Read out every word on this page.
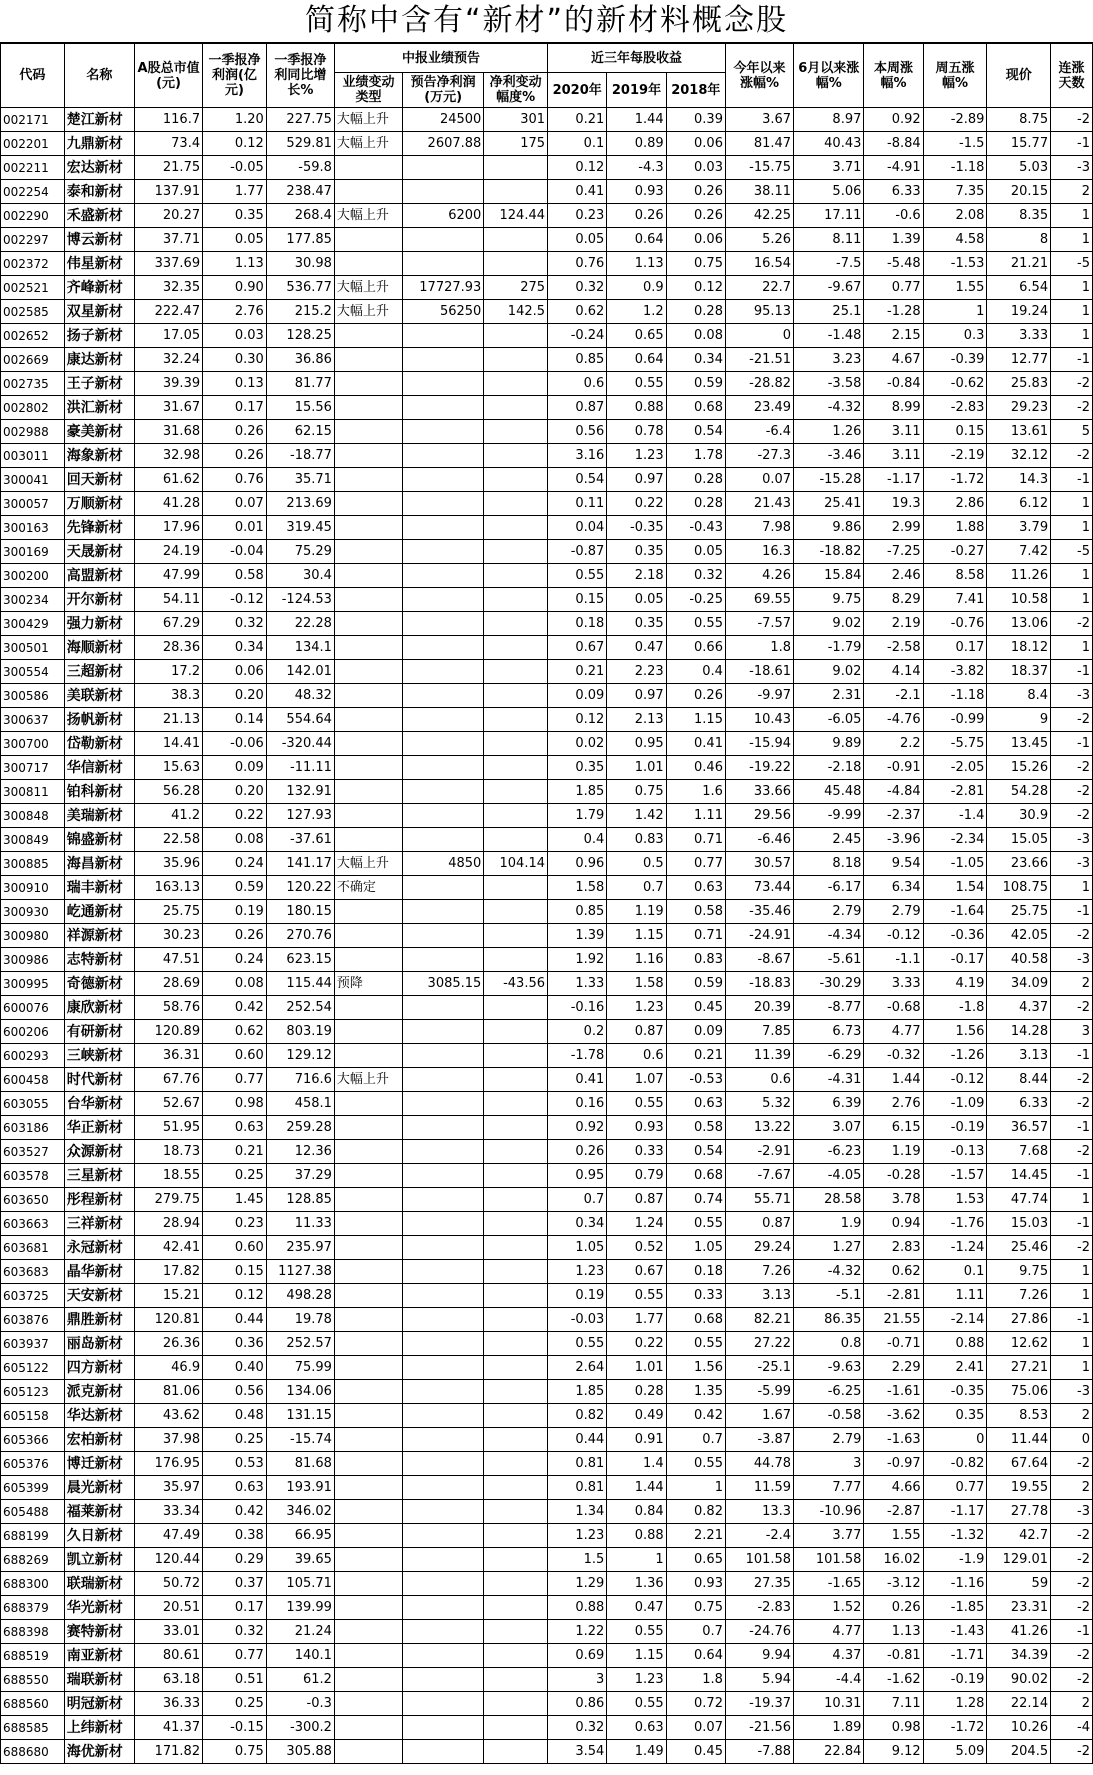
简称中含有“新材”的新材料概念股
代码	名称	A股总市值(元)	一季报净利润(亿元)	一季报净利同比增长%	中报业绩预告			近三年每股收益			今年以来涨幅%	6月以来涨幅%	本周涨幅%	周五涨幅%	现价	连涨天数
					业绩变动类型	预告净利润(万元)	净利变动幅度%	2020年	2019年	2018年						
002171	楚江新材	116.7	1.20	227.75	大幅上升	24500	301	0.21	1.44	0.39	3.67	8.97	0.92	-2.89	8.75	-2
002201	九鼎新材	73.4	0.12	529.81	大幅上升	2607.88	175	0.1	0.89	0.06	81.47	40.43	-8.84	-1.5	15.77	-1
002211	宏达新材	21.75	-0.05	-59.8				0.12	-4.3	0.03	-15.75	3.71	-4.91	-1.18	5.03	-3
002254	泰和新材	137.91	1.77	238.47				0.41	0.93	0.26	38.11	5.06	6.33	7.35	20.15	2
002290	禾盛新材	20.27	0.35	268.4	大幅上升	6200	124.44	0.23	0.26	0.26	42.25	17.11	-0.6	2.08	8.35	1
002297	博云新材	37.71	0.05	177.85				0.05	0.64	0.06	5.26	8.11	1.39	4.58	8	1
002372	伟星新材	337.69	1.13	30.98				0.76	1.13	0.75	16.54	-7.5	-5.48	-1.53	21.21	-5
002521	齐峰新材	32.35	0.90	536.77	大幅上升	17727.93	275	0.32	0.9	0.12	22.7	-9.67	0.77	1.55	6.54	1
002585	双星新材	222.47	2.76	215.2	大幅上升	56250	142.5	0.62	1.2	0.28	95.13	25.1	-1.28	1	19.24	1
002652	扬子新材	17.05	0.03	128.25				-0.24	0.65	0.08	0	-1.48	2.15	0.3	3.33	1
002669	康达新材	32.24	0.30	36.86				0.85	0.64	0.34	-21.51	3.23	4.67	-0.39	12.77	-1
002735	王子新材	39.39	0.13	81.77				0.6	0.55	0.59	-28.82	-3.58	-0.84	-0.62	25.83	-2
002802	洪汇新材	31.67	0.17	15.56				0.87	0.88	0.68	23.49	-4.32	8.99	-2.83	29.23	-2
002988	豪美新材	31.68	0.26	62.15				0.56	0.78	0.54	-6.4	1.26	3.11	0.15	13.61	5
003011	海象新材	32.98	0.26	-18.77				3.16	1.23	1.78	-27.3	-3.46	3.11	-2.19	32.12	-2
300041	回天新材	61.62	0.76	35.71				0.54	0.97	0.28	0.07	-15.28	-1.17	-1.72	14.3	-1
300057	万顺新材	41.28	0.07	213.69				0.11	0.22	0.28	21.43	25.41	19.3	2.86	6.12	1
300163	先锋新材	17.96	0.01	319.45				0.04	-0.35	-0.43	7.98	9.86	2.99	1.88	3.79	1
300169	天晟新材	24.19	-0.04	75.29				-0.87	0.35	0.05	16.3	-18.82	-7.25	-0.27	7.42	-5
300200	高盟新材	47.99	0.58	30.4				0.55	2.18	0.32	4.26	15.84	2.46	8.58	11.26	1
300234	开尔新材	54.11	-0.12	-124.53				0.15	0.05	-0.25	69.55	9.75	8.29	7.41	10.58	1
300429	强力新材	67.29	0.32	22.28				0.18	0.35	0.55	-7.57	9.02	2.19	-0.76	13.06	-2
300501	海顺新材	28.36	0.34	134.1				0.67	0.47	0.66	1.8	-1.79	-2.58	0.17	18.12	1
300554	三超新材	17.2	0.06	142.01				0.21	2.23	0.4	-18.61	9.02	4.14	-3.82	18.37	-1
300586	美联新材	38.3	0.20	48.32				0.09	0.97	0.26	-9.97	2.31	-2.1	-1.18	8.4	-3
300637	扬帆新材	21.13	0.14	554.64				0.12	2.13	1.15	10.43	-6.05	-4.76	-0.99	9	-2
300700	岱勒新材	14.41	-0.06	-320.44				0.02	0.95	0.41	-15.94	9.89	2.2	-5.75	13.45	-1
300717	华信新材	15.63	0.09	-11.11				0.35	1.01	0.46	-19.22	-2.18	-0.91	-2.05	15.26	-2
300811	铂科新材	56.28	0.20	132.91				1.85	0.75	1.6	33.66	45.48	-4.84	-2.81	54.28	-2
300848	美瑞新材	41.2	0.22	127.93				1.79	1.42	1.11	29.56	-9.99	-2.37	-1.4	30.9	-2
300849	锦盛新材	22.58	0.08	-37.61				0.4	0.83	0.71	-6.46	2.45	-3.96	-2.34	15.05	-3
300885	海昌新材	35.96	0.24	141.17	大幅上升	4850	104.14	0.96	0.5	0.77	30.57	8.18	9.54	-1.05	23.66	-3
300910	瑞丰新材	163.13	0.59	120.22	不确定			1.58	0.7	0.63	73.44	-6.17	6.34	1.54	108.75	1
300930	屹通新材	25.75	0.19	180.15				0.85	1.19	0.58	-35.46	2.79	2.79	-1.64	25.75	-1
300980	祥源新材	30.23	0.26	270.76				1.39	1.15	0.71	-24.91	-4.34	-0.12	-0.36	42.05	-2
300986	志特新材	47.51	0.24	623.15				1.92	1.16	0.83	-8.67	-5.61	-1.1	-0.17	40.58	-3
300995	奇德新材	28.69	0.08	115.44	预降	3085.15	-43.56	1.33	1.58	0.59	-18.83	-30.29	3.33	4.19	34.09	2
600076	康欣新材	58.76	0.42	252.54				-0.16	1.23	0.45	20.39	-8.77	-0.68	-1.8	4.37	-2
600206	有研新材	120.89	0.62	803.19				0.2	0.87	0.09	7.85	6.73	4.77	1.56	14.28	3
600293	三峡新材	36.31	0.60	129.12				-1.78	0.6	0.21	11.39	-6.29	-0.32	-1.26	3.13	-1
600458	时代新材	67.76	0.77	716.6	大幅上升			0.41	1.07	-0.53	0.6	-4.31	1.44	-0.12	8.44	-2
603055	台华新材	52.67	0.98	458.1				0.16	0.55	0.63	5.32	6.39	2.76	-1.09	6.33	-2
603186	华正新材	51.95	0.63	259.28				0.92	0.93	0.58	13.22	3.07	6.15	-0.19	36.57	-1
603527	众源新材	18.73	0.21	12.36				0.26	0.33	0.54	-2.91	-6.23	1.19	-0.13	7.68	-2
603578	三星新材	18.55	0.25	37.29				0.95	0.79	0.68	-7.67	-4.05	-0.28	-1.57	14.45	-1
603650	彤程新材	279.75	1.45	128.85				0.7	0.87	0.74	55.71	28.58	3.78	1.53	47.74	1
603663	三祥新材	28.94	0.23	11.33				0.34	1.24	0.55	0.87	1.9	0.94	-1.76	15.03	-1
603681	永冠新材	42.41	0.60	235.97				1.05	0.52	1.05	29.24	1.27	2.83	-1.24	25.46	-2
603683	晶华新材	17.82	0.15	1127.38				1.23	0.67	0.18	7.26	-4.32	0.62	0.1	9.75	1
603725	天安新材	15.21	0.12	498.28				0.19	0.55	0.33	3.13	-5.1	-2.81	1.11	7.26	1
603876	鼎胜新材	120.81	0.44	19.78				-0.03	1.77	0.68	82.21	86.35	21.55	-2.14	27.86	-1
603937	丽岛新材	26.36	0.36	252.57				0.55	0.22	0.55	27.22	0.8	-0.71	0.88	12.62	1
605122	四方新材	46.9	0.40	75.99				2.64	1.01	1.56	-25.1	-9.63	2.29	2.41	27.21	1
605123	派克新材	81.06	0.56	134.06				1.85	0.28	1.35	-5.99	-6.25	-1.61	-0.35	75.06	-3
605158	华达新材	43.62	0.48	131.15				0.82	0.49	0.42	1.67	-0.58	-3.62	0.35	8.53	2
605366	宏柏新材	37.98	0.25	-15.74				0.44	0.91	0.7	-3.87	2.79	-1.63	0	11.44	0
605376	博迁新材	176.95	0.53	81.68				0.81	1.4	0.55	44.78	3	-0.97	-0.82	67.64	-2
605399	晨光新材	35.97	0.63	193.91				0.81	1.44	1	11.59	7.77	4.66	0.77	19.55	2
605488	福莱新材	33.34	0.42	346.02				1.34	0.84	0.82	13.3	-10.96	-2.87	-1.17	27.78	-3
688199	久日新材	47.49	0.38	66.95				1.23	0.88	2.21	-2.4	3.77	1.55	-1.32	42.7	-2
688269	凯立新材	120.44	0.29	39.65				1.5	1	0.65	101.58	101.58	16.02	-1.9	129.01	-2
688300	联瑞新材	50.72	0.37	105.71				1.29	1.36	0.93	27.35	-1.65	-3.12	-1.16	59	-2
688379	华光新材	20.51	0.17	139.99				0.88	0.47	0.75	-2.83	1.52	0.26	-1.85	23.31	-2
688398	赛特新材	33.01	0.32	21.24				1.22	0.55	0.7	-24.76	4.77	1.13	-1.43	41.26	-1
688519	南亚新材	80.61	0.77	140.1				0.69	1.15	0.64	9.94	4.37	-0.81	-1.71	34.39	-2
688550	瑞联新材	63.18	0.51	61.2				3	1.23	1.8	5.94	-4.4	-1.62	-0.19	90.02	-2
688560	明冠新材	36.33	0.25	-0.3				0.86	0.55	0.72	-19.37	10.31	7.11	1.28	22.14	2
688585	上纬新材	41.37	-0.15	-300.2				0.32	0.63	0.07	-21.56	1.89	0.98	-1.72	10.26	-4
688680	海优新材	171.82	0.75	305.88				3.54	1.49	0.45	-7.88	22.84	9.12	5.09	204.5	-2
